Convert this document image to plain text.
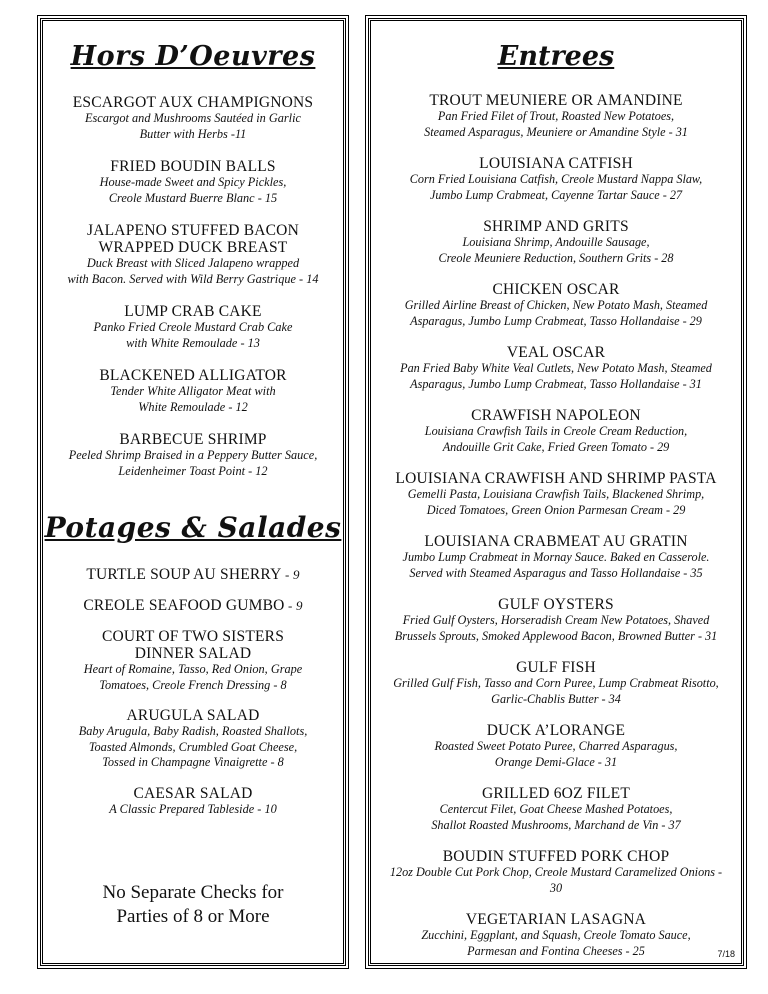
Hors D’Oeuvres
ESCARGOT AUX CHAMPIGNONS
Escargot and Mushrooms Sautéed in Garlic
Butter with Herbs -11
FRIED BOUDIN BALLS
House-made Sweet and Spicy Pickles,
Creole Mustard Buerre Blanc - 15
JALAPENO STUFFED BACON
WRAPPED DUCK BREAST
Duck Breast with Sliced Jalapeno wrapped
with Bacon. Served with Wild Berry Gastrique - 14
LUMP CRAB CAKE
Panko Fried Creole Mustard Crab Cake
with White Remoulade - 13
BLACKENED ALLIGATOR
Tender White Alligator Meat with
White Remoulade - 12
BARBECUE SHRIMP
Peeled Shrimp Braised in a Peppery Butter Sauce,
Leidenheimer Toast Point - 12
Potages & Salades
TURTLE SOUP AU SHERRY - 9
CREOLE SEAFOOD GUMBO - 9
COURT OF TWO SISTERS
DINNER SALAD
Heart of Romaine, Tasso, Red Onion, Grape
Tomatoes, Creole French Dressing - 8
ARUGULA SALAD
Baby Arugula, Baby Radish, Roasted Shallots,
Toasted Almonds, Crumbled Goat Cheese,
Tossed in Champagne Vinaigrette - 8
CAESAR SALAD
A Classic Prepared Tableside - 10
No Separate Checks for
Parties of 8 or More
Entrees
TROUT MEUNIERE OR AMANDINE
Pan Fried Filet of Trout, Roasted New Potatoes,
Steamed Asparagus, Meuniere or Amandine Style - 31
LOUISIANA CATFISH
Corn Fried Louisiana Catfish, Creole Mustard Nappa Slaw,
Jumbo Lump Crabmeat, Cayenne Tartar Sauce - 27
SHRIMP AND GRITS
Louisiana Shrimp, Andouille Sausage,
Creole Meuniere Reduction, Southern Grits - 28
CHICKEN OSCAR
Grilled Airline Breast of Chicken, New Potato Mash, Steamed
Asparagus, Jumbo Lump Crabmeat, Tasso Hollandaise - 29
VEAL OSCAR
Pan Fried Baby White Veal Cutlets, New Potato Mash, Steamed
Asparagus, Jumbo Lump Crabmeat, Tasso Hollandaise - 31
CRAWFISH NAPOLEON
Louisiana Crawfish Tails in Creole Cream Reduction,
Andouille Grit Cake, Fried Green Tomato - 29
LOUISIANA CRAWFISH AND SHRIMP PASTA
Gemelli Pasta, Louisiana Crawfish Tails, Blackened Shrimp,
Diced Tomatoes, Green Onion Parmesan Cream - 29
LOUISIANA CRABMEAT AU GRATIN
Jumbo Lump Crabmeat in Mornay Sauce. Baked en Casserole.
Served with Steamed Asparagus and Tasso Hollandaise - 35
GULF OYSTERS
Fried Gulf Oysters, Horseradish Cream New Potatoes, Shaved
Brussels Sprouts, Smoked Applewood Bacon, Browned Butter - 31
GULF FISH
Grilled Gulf Fish, Tasso and Corn Puree, Lump Crabmeat Risotto,
Garlic-Chablis Butter - 34
DUCK A’LORANGE
Roasted Sweet Potato Puree, Charred Asparagus,
Orange Demi-Glace - 31
GRILLED 6OZ FILET
Centercut Filet, Goat Cheese Mashed Potatoes,
Shallot Roasted Mushrooms, Marchand de Vin - 37
BOUDIN STUFFED PORK CHOP
12oz Double Cut Pork Chop, Creole Mustard Caramelized Onions -
30
VEGETARIAN LASAGNA
Zucchini, Eggplant, and Squash, Creole Tomato Sauce,
Parmesan and Fontina Cheeses - 25	7/18
